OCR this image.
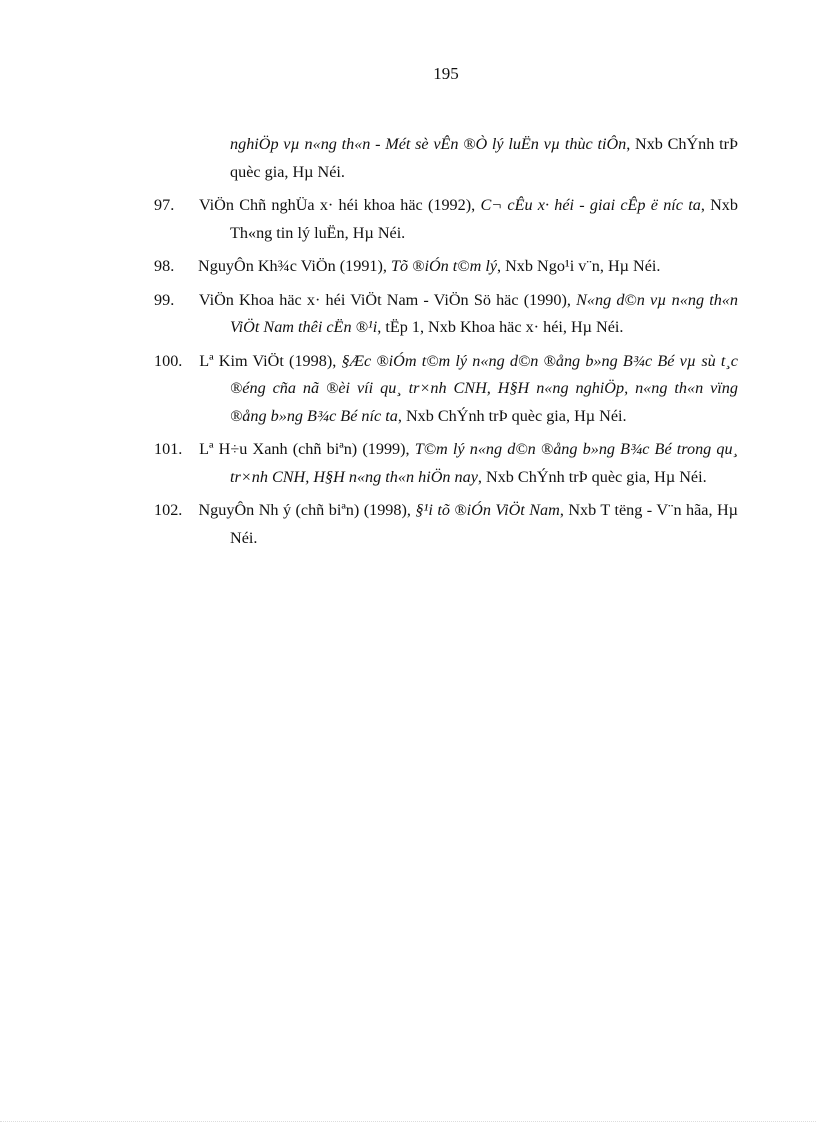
195
nghiÖp vµ n«ng th«n - Mét sè vÊn ®Ò lý luËn vµ thùc tiÔn, Nxb ChÝnh trÞ quèc gia, Hµ Néi.
97. ViÖn Chñ nghÜa x· héi khoa häc (1992), C¬ cÊu x· héi - giai cÊp ë níc ta, Nxb Th«ng tin lý luËn, Hµ Néi.
98. NguyÔn Kh¾c ViÖn (1991), Tõ ®iÓn t©m lý, Nxb Ngo¹i v¨n, Hµ Néi.
99. ViÖn Khoa häc x· héi ViÖt Nam - ViÖn Sö häc (1990), N«ng d©n vµ n«ng th«n ViÖt Nam thêi cËn ®¹i, tËp 1, Nxb Khoa häc x· héi, Hµ Néi.
100. Lª Kim ViÖt (1998), §Æc ®iÓm t©m lý n«ng d©n ®ång b»ng B¾c Bé vµ sù t¸c ®éng cña nã ®èi víi qu¸ tr×nh CNH, H§H n«ng nghiÖp, n«ng th«n vïng ®ång b»ng B¾c Bé níc ta, Nxb ChÝnh trÞ quèc gia, Hµ Néi.
101. Lª H÷u Xanh (chñ biªn) (1999), T©m lý n«ng d©n ®ång b»ng B¾c Bé trong qu¸ tr×nh CNH, H§H n«ng th«n hiÖn nay, Nxb ChÝnh trÞ quèc gia, Hµ Néi.
102. NguyÔn Nh ý (chñ biªn) (1998), §¹i tõ ®iÓn ViÖt Nam, Nxb T tëng - V¨n hãa, Hµ Néi.
